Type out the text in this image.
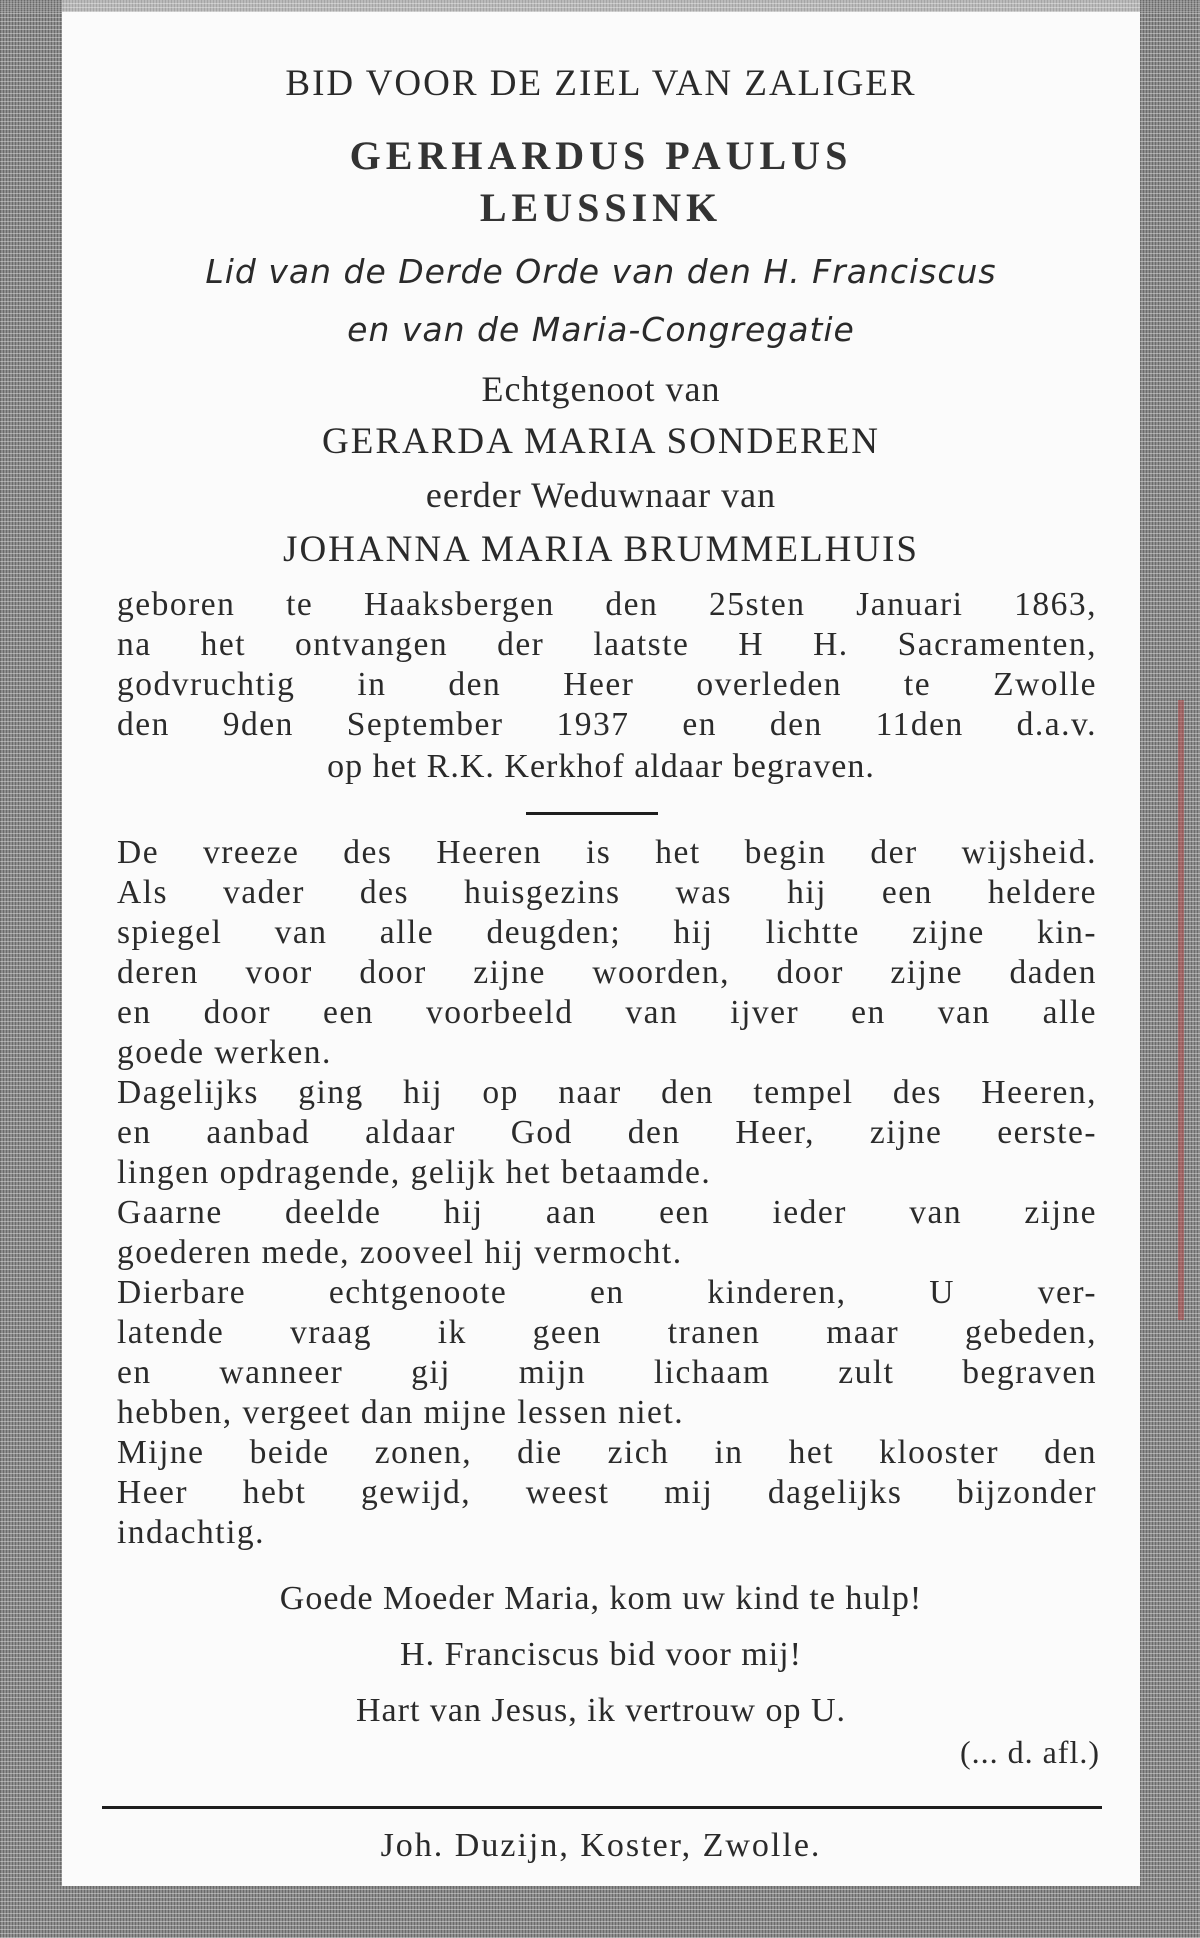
BID VOOR DE ZIEL VAN ZALIGER
GERHARDUS PAULUS
LEUSSINK
Lid van de Derde Orde van den H. Franciscus
en van de Maria-Congregatie
Echtgenoot van
GERARDA MARIA SONDEREN
eerder Weduwnaar van
JOHANNA MARIA BRUMMELHUIS
geboren te Haaksbergen den 25sten Januari 1863,
na het ontvangen der laatste H H. Sacramenten,
godvruchtig in den Heer overleden te Zwolle
den 9den September 1937 en den 11den d.a.v.
op het R.K. Kerkhof aldaar begraven.
De vreeze des Heeren is het begin der wijsheid.
Als vader des huisgezins was hij een heldere
spiegel van alle deugden; hij lichtte zijne kin-
deren voor door zijne woorden, door zijne daden
en door een voorbeeld van ijver en van alle
goede werken.
Dagelijks ging hij op naar den tempel des Heeren,
en aanbad aldaar God den Heer, zijne eerste-
lingen opdragende, gelijk het betaamde.
Gaarne deelde hij aan een ieder van zijne
goederen mede, zooveel hij vermocht.
Dierbare echtgenoote en kinderen, U ver-
latende vraag ik geen tranen maar gebeden,
en wanneer gij mijn lichaam zult begraven
hebben, vergeet dan mijne lessen niet.
Mijne beide zonen, die zich in het klooster den
Heer hebt gewijd, weest mij dagelijks bijzonder
indachtig.
Goede Moeder Maria, kom uw kind te hulp!
H. Franciscus bid voor mij!
Hart van Jesus, ik vertrouw op U.
(... d. afl.)
Joh. Duzijn, Koster, Zwolle.
